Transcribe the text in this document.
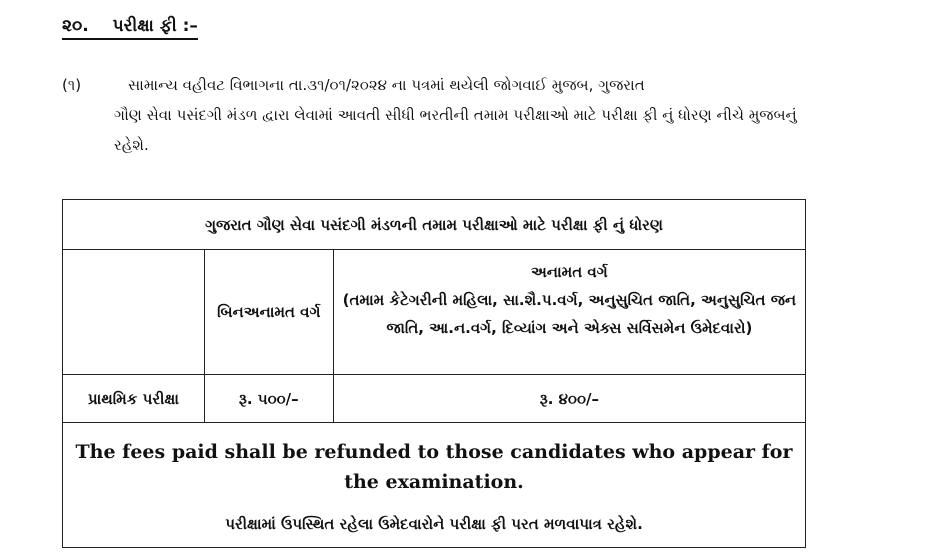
૨૦. પરીક્ષા ફી :–
(૧)	સામાન્ય વહીવટ વિભાગના તા.૩૧/૦૧/૨૦૨૪ ના પત્રમાં થયેલી જોગવાઈ મુજબ, ગુજરાત
ગૌણ સેવા પસંદગી મંડળ દ્વારા લેવામાં આવતી સીધી ભરતીની તમામ પરીક્ષાઓ માટે પરીક્ષા ફી નું ધોરણ નીચે મુજબનું રહેશે.
ગુજરાત ગૌણ સેવા પસંદગી મંડળની તમામ પરીક્ષાઓ માટે પરીક્ષા ફી નું ધોરણ		
	બિનઅનામત વર્ગ	અનામત વર્ગ
(તમામ કેટેગરીની મહિલા, સા.શૈ.પ.વર્ગ, અનુસુચિત જાતિ, અનુસુચિત જન જાતિ, આ.ન.વર્ગ, દિવ્યાંગ અને એક્સ સર્વિસમેન ઉમેદવારો)

પ્રાથમિક પરીક્ષા	રૂ. ૫૦૦/–	રૂ. ૪૦૦/–

The fees paid shall be refunded to those candidates who appear for the examination.
પરીક્ષામાં ઉપસ્થિત રહેલા ઉમેદવારોને પરીક્ષા ફી પરત મળવાપાત્ર રહેશે.		
